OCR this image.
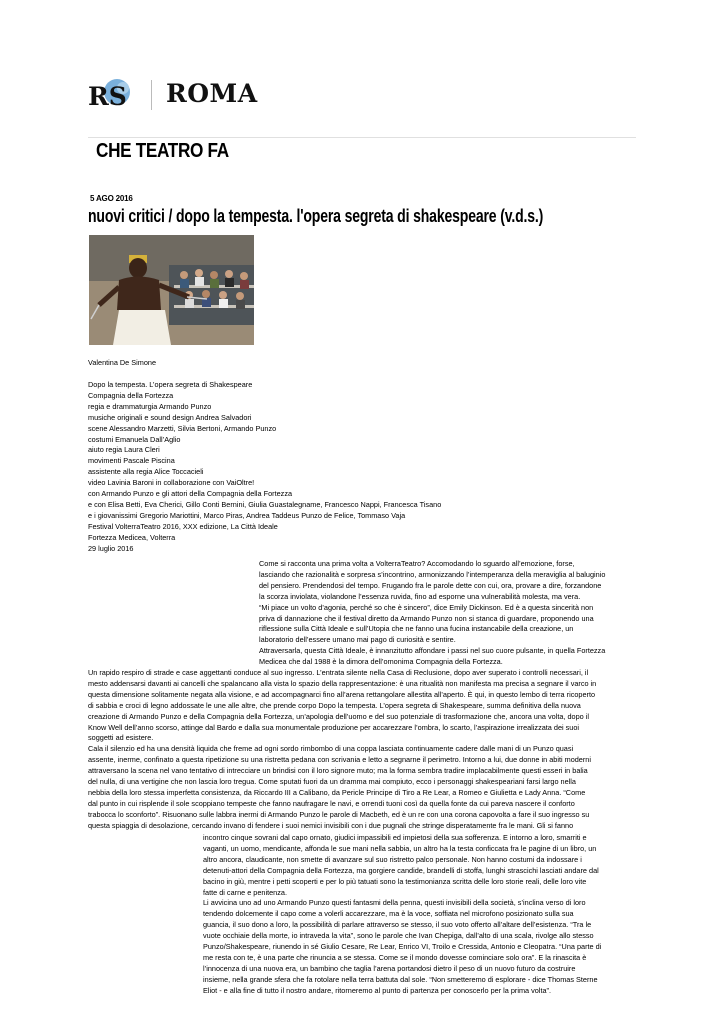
RS ROMA
CHE TEATRO FA
5 AGO 2016
nuovi critici / dopo la tempesta. l'opera segreta di shakespeare (v.d.s.)
Valentina De Simone
Dopo la tempesta. L’opera segreta di Shakespeare
Compagnia della Fortezza
regia e drammaturgia Armando Punzo
musiche originali e sound design Andrea Salvadori
scene Alessandro Marzetti, Silvia Bertoni, Armando Punzo
costumi Emanuela Dall’Aglio
aiuto regia Laura Cleri
movimenti Pascale Piscina
assistente alla regia Alice Toccacieli
video Lavinia Baroni in collaborazione con VaiOltre!
con Armando Punzo e gli attori della Compagnia della Fortezza
e con Elisa Betti, Eva Cherici, Gillo Conti Bernini, Giulia Guastalegname, Francesco Nappi, Francesca Tisano
e i giovanissimi Gregorio Mariottini, Marco Piras, Andrea Taddeus Punzo de Felice, Tommaso Vaja
Festival VolterraTeatro 2016, XXX edizione, La Città Ideale
Fortezza Medicea, Volterra
29 luglio 2016
Come si racconta una prima volta a VolterraTeatro? Accomodando lo sguardo all’emozione, forse,
lasciando che razionalità e sorpresa s’incontrino, armonizzando l’intemperanza della meraviglia al baluginio
del pensiero. Prendendosi del tempo. Frugando fra le parole dette con cui, ora, provare a dire, forzandone
la scorza inviolata, violandone l’essenza ruvida, fino ad esporne una vulnerabilità molesta, ma vera.
“Mi piace un volto d’agonia, perché so che è sincero”, dice Emily Dickinson. Ed è a questa sincerità non
priva di dannazione che il festival diretto da Armando Punzo non si stanca di guardare, proponendo una
riflessione sulla Città Ideale e sull’Utopia che ne fanno una fucina instancabile della creazione, un
laboratorio dell’essere umano mai pago di curiosità e sentire.
Attraversarla, questa Città Ideale, è innanzitutto affondare i passi nel suo cuore pulsante, in quella Fortezza
Medicea che dal 1988 è la dimora dell’omonima Compagnia della Fortezza.
Un rapido respiro di strade e case aggettanti conduce al suo ingresso. L’entrata silente nella Casa di Reclusione, dopo aver superato i controlli necessari, il
mesto addensarsi davanti ai cancelli che spalancano alla vista lo spazio della rappresentazione: è una ritualità non manifesta ma precisa a segnare il varco in
questa dimensione solitamente negata alla visione, e ad accompagnarci fino all’arena rettangolare allestita all’aperto. È qui, in questo lembo di terra ricoperto
di sabbia e croci di legno addossate le une alle altre, che prende corpo Dopo la tempesta. L’opera segreta di Shakespeare, summa definitiva della nuova
creazione di Armando Punzo e della Compagnia della Fortezza, un’apologia dell’uomo e del suo potenziale di trasformazione che, ancora una volta, dopo il
Know Well dell’anno scorso, attinge dal Bardo e dalla sua monumentale produzione per accarezzare l’ombra, lo scarto, l’aspirazione irrealizzata dei suoi
soggetti ad esistere.
Cala il silenzio ed ha una densità liquida che freme ad ogni sordo rimbombo di una coppa lasciata continuamente cadere dalle mani di un Punzo quasi
assente, inerme, confinato a questa ripetizione su una ristretta pedana con scrivania e letto a segnarne il perimetro. Intorno a lui, due donne in abiti moderni
attraversano la scena nel vano tentativo di intrecciare un brindisi con il loro signore muto; ma la forma sembra tradire implacabilmente questi esseri in balia
del nulla, di una vertigine che non lascia loro tregua. Come sputati fuori da un dramma mai compiuto, ecco i personaggi shakespeariani farsi largo nella
nebbia della loro stessa imperfetta consistenza, da Riccardo III a Calibano, da Pericle Principe di Tiro a Re Lear, a Romeo e Giulietta e Lady Anna. “Come
dal punto in cui risplende il sole scoppiano tempeste che fanno naufragare le navi, e orrendi tuoni così da quella fonte da cui pareva nascere il conforto
trabocca lo sconforto”. Risuonano sulle labbra inermi di Armando Punzo le parole di Macbeth, ed è un re con una corona capovolta a fare il suo ingresso su
questa spiaggia di desolazione, cercando invano di fendere i suoi nemici invisibili con i due pugnali che stringe disperatamente fra le mani. Gli si fanno
incontro cinque sovrani dal capo ornato, giudici impassibili ed impietosi della sua sofferenza. E intorno a loro, smarriti e
vaganti, un uomo, mendicante, affonda le sue mani nella sabbia, un altro ha la testa conficcata fra le pagine di un libro, un
altro ancora, claudicante, non smette di avanzare sul suo ristretto palco personale. Non hanno costumi da indossare i
detenuti-attori della Compagnia della Fortezza, ma gorgiere candide, brandelli di stoffa, lunghi strascichi lasciati andare dal
bacino in giù, mentre i petti scoperti e per lo più tatuati sono la testimonianza scritta delle loro storie reali, delle loro vite
fatte di carne e penitenza.
Li avvicina uno ad uno Armando Punzo questi fantasmi della penna, questi invisibili della società, s’inclina verso di loro
tendendo dolcemente il capo come a volerli accarezzare, ma è la voce, soffiata nel microfono posizionato sulla sua
guancia, il suo dono a loro, la possibilità di parlare attraverso se stesso, il suo voto offerto all’altare dell’esistenza. “Tra le
vuote occhiaie della morte, io intraveda la vita”, sono le parole che Ivan Chepiga, dall’alto di una scala, rivolge allo stesso
Punzo/Shakespeare, riunendo in sé Giulio Cesare, Re Lear, Enrico VI, Troilo e Cressida, Antonio e Cleopatra. “Una parte di
me resta con te, è una parte che rinuncia a se stessa. Come se il mondo dovesse cominciare solo ora”. E la rinascita è
l’innocenza di una nuova era, un bambino che taglia l’arena portandosi dietro il peso di un nuovo futuro da costruire
insieme, nella grande sfera che fa rotolare nella terra battuta dal sole. “Non smetteremo di esplorare - dice Thomas Sterne
Eliot - e alla fine di tutto il nostro andare, ritorneremo al punto di partenza per conoscerlo per la prima volta”.
